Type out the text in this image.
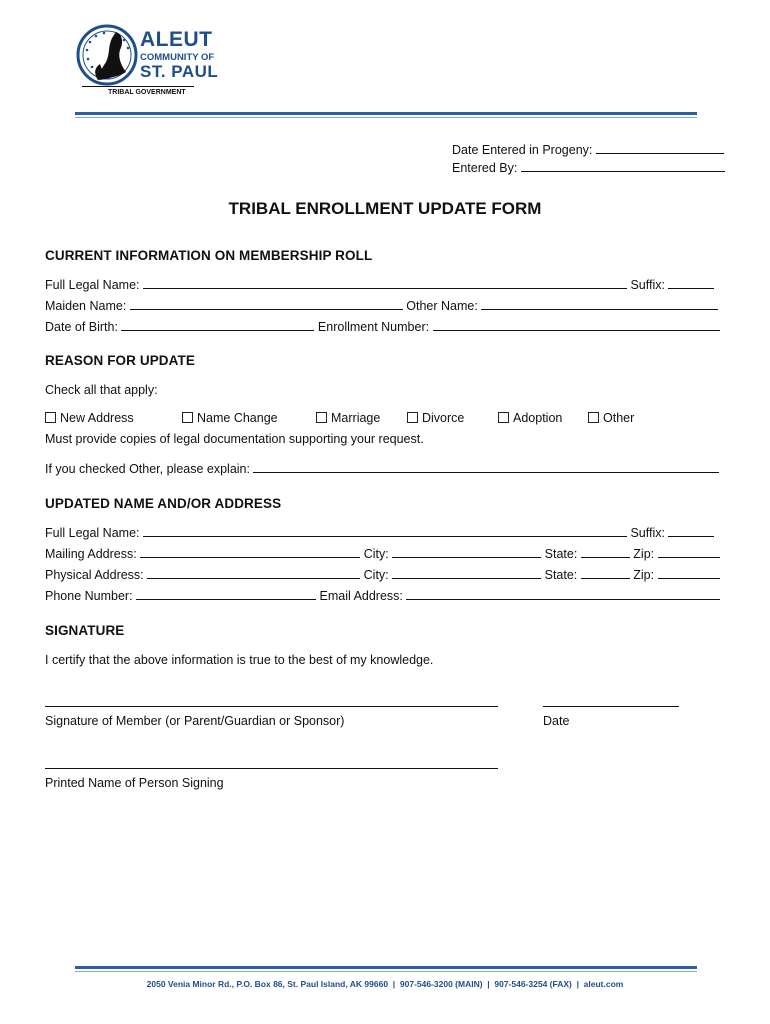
ALEUT
COMMUNITY OF
ST. PAUL
TRIBAL GOVERNMENT
Date Entered in Progeny:
Entered By:
TRIBAL ENROLLMENT UPDATE FORM
CURRENT INFORMATION ON MEMBERSHIP ROLL
Full Legal Name:	Suffix:
Maiden Name:	Other Name:
Date of Birth:	Enrollment Number:
REASON FOR UPDATE
Check all that apply:
New Address	Name Change	Marriage	Divorce	Adoption	Other
Must provide copies of legal documentation supporting your request.
If you checked Other, please explain:
UPDATED NAME AND/OR ADDRESS
Full Legal Name:	Suffix:
Mailing Address:	City:	State:	Zip:
Physical Address:	City:	State:	Zip:
Phone Number:	Email Address:
SIGNATURE
I certify that the above information is true to the best of my knowledge.
Signature of Member (or Parent/Guardian or Sponsor)	Date
Printed Name of Person Signing
2050 Venia Minor Rd., P.O. Box 86, St. Paul Island, AK 99660  |  907-546-3200 (MAIN)  |  907-546-3254 (FAX)  |  aleut.com
